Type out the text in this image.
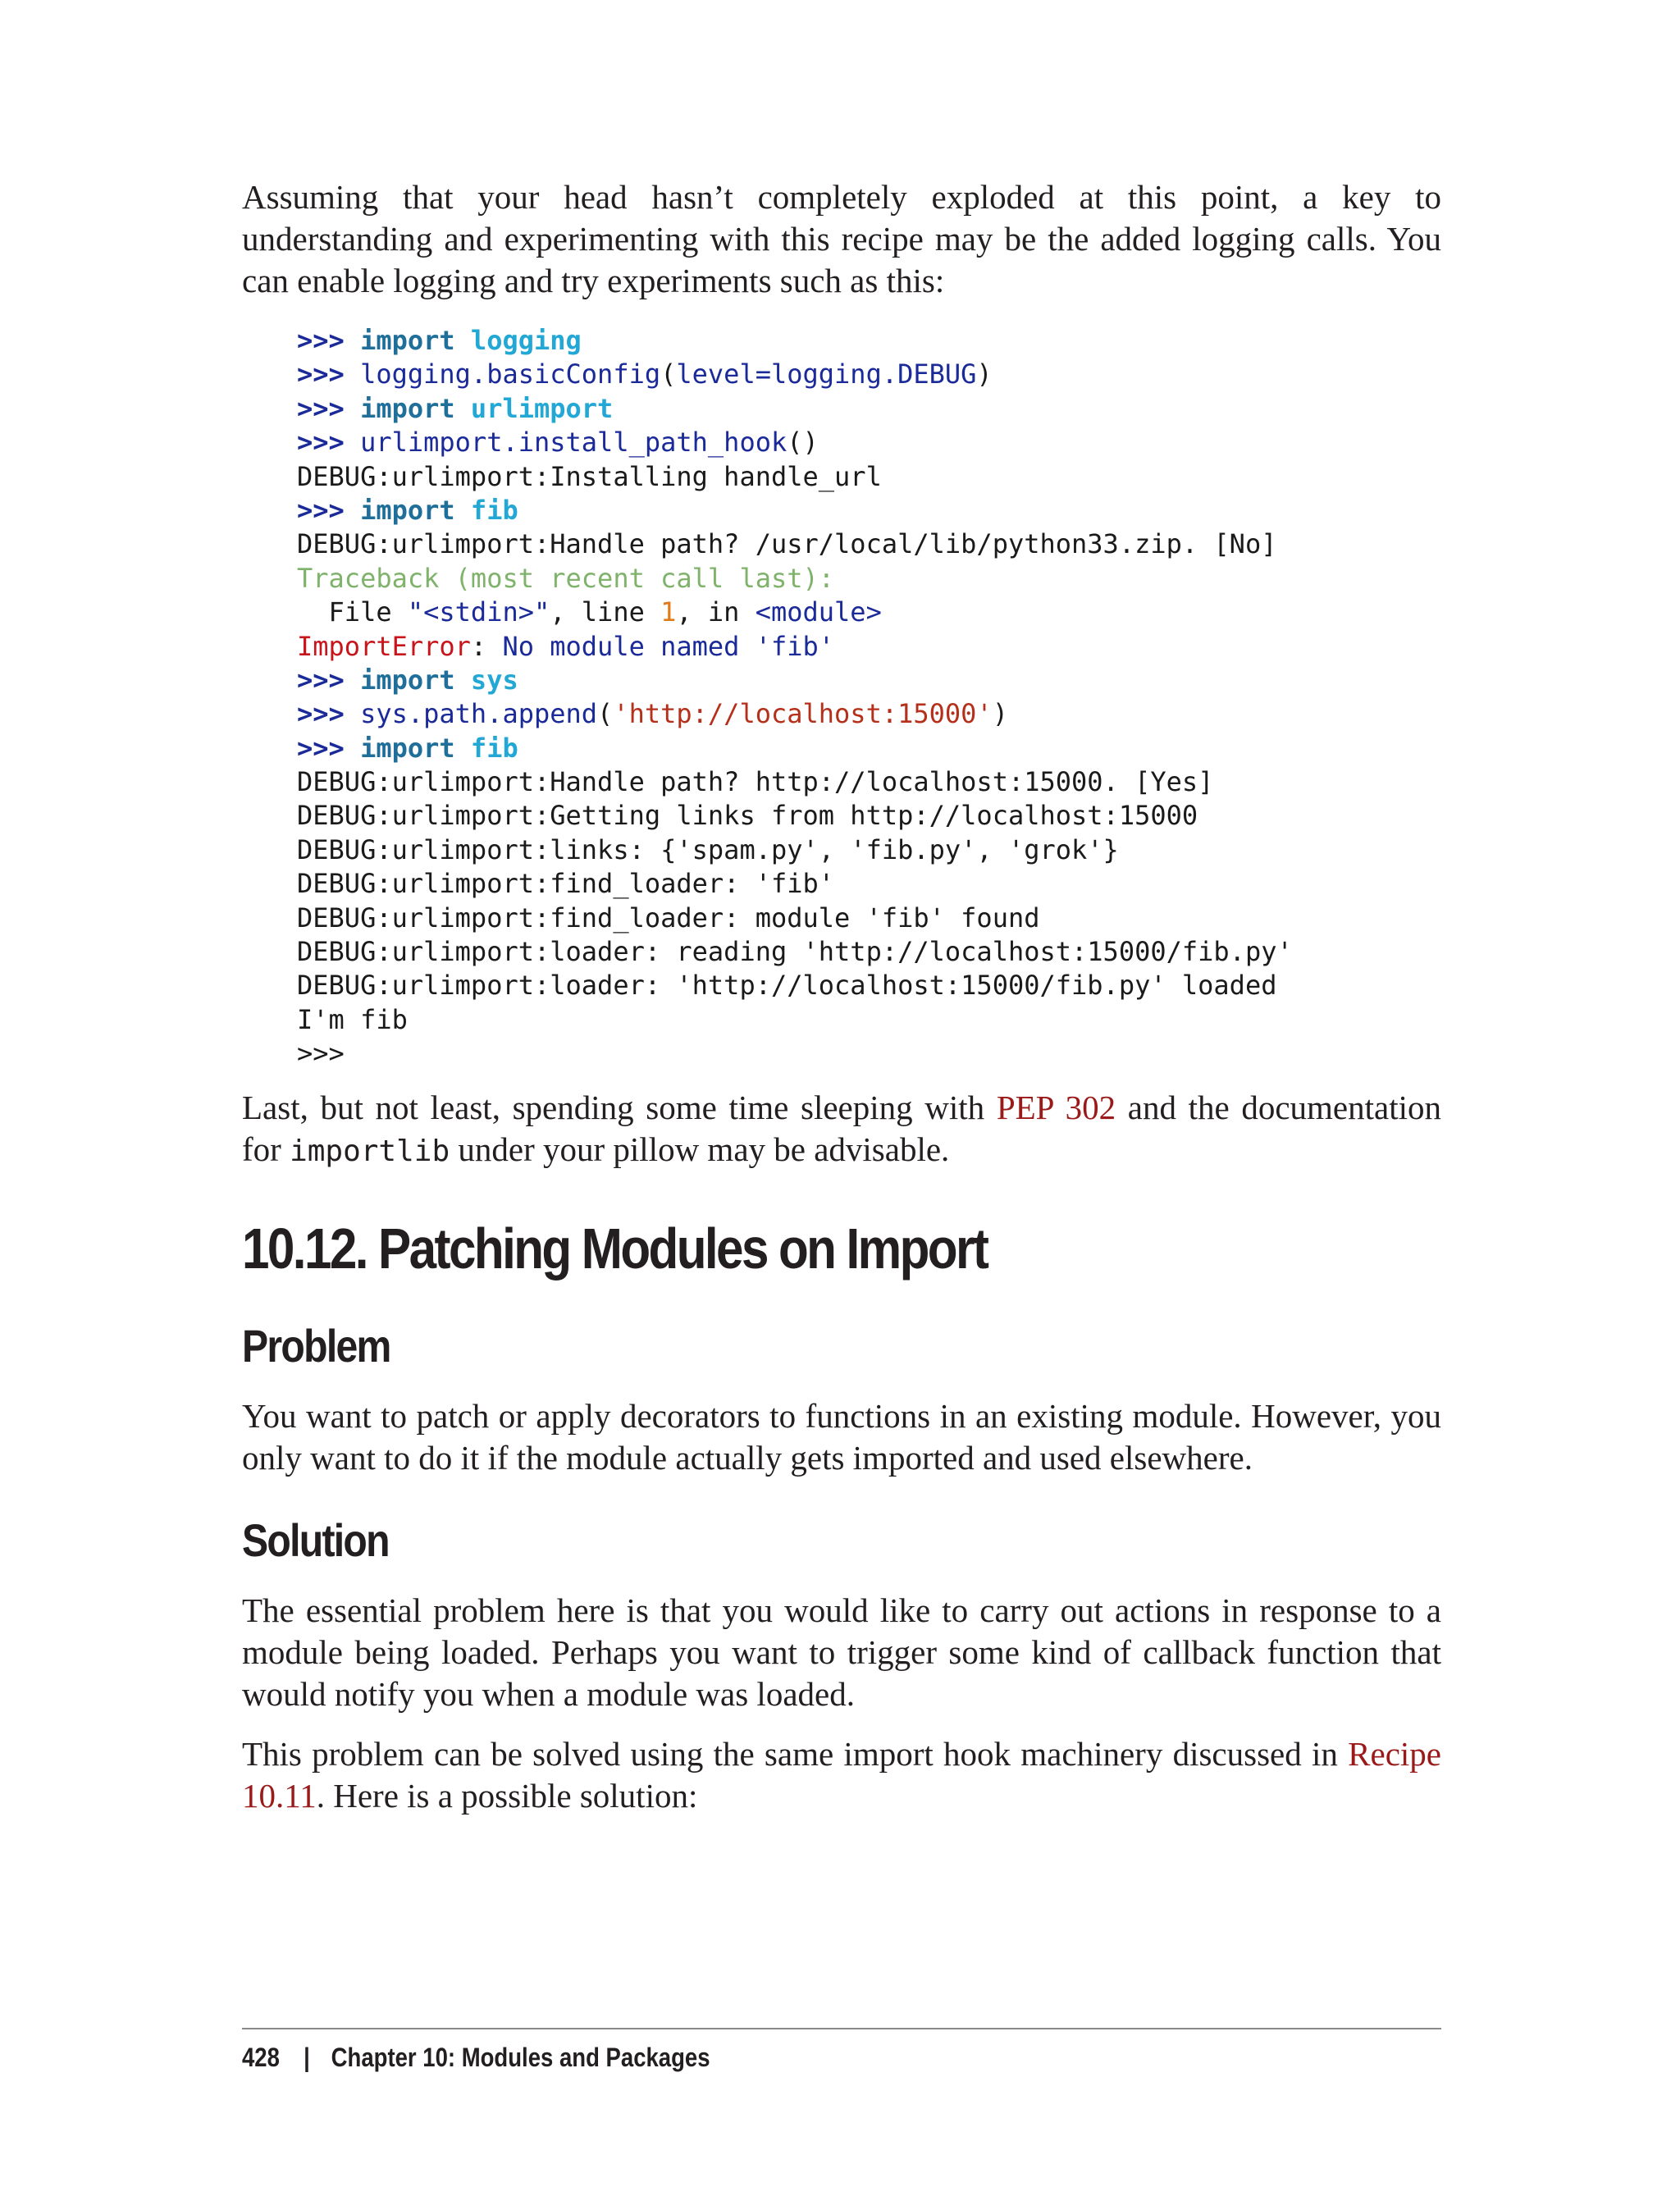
Assuming that your head hasn’t completely exploded at this point, a key to understanding and experimenting with this recipe may be the added logging calls. You can enable logging and try experiments such as this:

>>> import logging
>>> logging.basicConfig(level=logging.DEBUG)
>>> import urlimport
>>> urlimport.install_path_hook()
DEBUG:urlimport:Installing handle_url
>>> import fib
DEBUG:urlimport:Handle path? /usr/local/lib/python33.zip. [No]
Traceback (most recent call last):
File "<stdin>", line 1, in <module>
ImportError: No module named 'fib'
>>> import sys
>>> sys.path.append('http://localhost:15000')
>>> import fib
DEBUG:urlimport:Handle path? http://localhost:15000. [Yes]
DEBUG:urlimport:Getting links from http://localhost:15000
DEBUG:urlimport:links: {'spam.py', 'fib.py', 'grok'}
DEBUG:urlimport:find_loader: 'fib'
DEBUG:urlimport:find_loader: module 'fib' found
DEBUG:urlimport:loader: reading 'http://localhost:15000/fib.py'
DEBUG:urlimport:loader: 'http://localhost:15000/fib.py' loaded
I'm fib
>>>

Last, but not least, spending some time sleeping with PEP 302 and the documentation for importlib under your pillow may be advisable.

10.12. Patching Modules on Import
Problem

You want to patch or apply decorators to functions in an existing module. However, you only want to do it if the module actually gets imported and used elsewhere.

Solution

The essential problem here is that you would like to carry out actions in response to a module being loaded. Perhaps you want to trigger some kind of callback function that would notify you when a module was loaded.

This problem can be solved using the same import hook machinery discussed in Recipe 10.11. Here is a possible solution:

428 | Chapter 10: Modules and Packages
